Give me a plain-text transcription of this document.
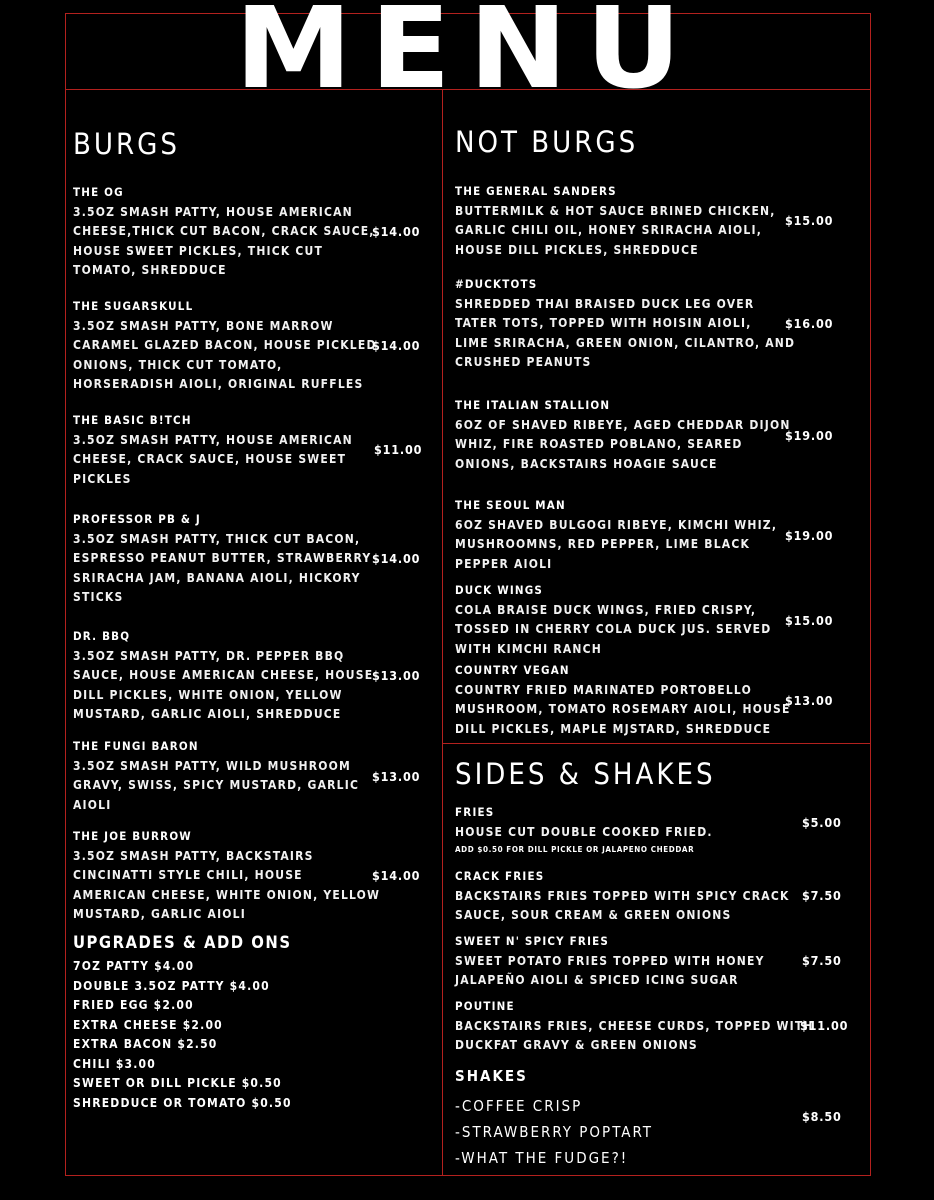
MENU
BURGS	NOT BURGS
SIDES & SHAKES
THE OG
3.5OZ SMASH PATTY, HOUSE AMERICAN
CHEESE,THICK CUT BACON, CRACK SAUCE,
HOUSE SWEET PICKLES, THICK CUT
TOMATO, SHREDDUCE
$14.00
THE SUGARSKULL
3.5OZ SMASH PATTY, BONE MARROW
CARAMEL GLAZED BACON, HOUSE PICKLED
ONIONS, THICK CUT TOMATO,
HORSERADISH AIOLI, ORIGINAL RUFFLES
$14.00
THE BASIC B!TCH
3.5OZ SMASH PATTY, HOUSE AMERICAN
CHEESE, CRACK SAUCE, HOUSE SWEET
PICKLES
$11.00
PROFESSOR PB & J
3.5OZ SMASH PATTY, THICK CUT BACON,
ESPRESSO PEANUT BUTTER, STRAWBERRY
SRIRACHA JAM, BANANA AIOLI, HICKORY
STICKS
$14.00
DR. BBQ
3.5OZ SMASH PATTY, DR. PEPPER BBQ
SAUCE, HOUSE AMERICAN CHEESE, HOUSE
DILL PICKLES, WHITE ONION, YELLOW
MUSTARD, GARLIC AIOLI, SHREDDUCE
$13.00
THE FUNGI BARON
3.5OZ SMASH PATTY, WILD MUSHROOM
GRAVY, SWISS, SPICY MUSTARD, GARLIC
AIOLI
$13.00
THE JOE BURROW
3.5OZ SMASH PATTY, BACKSTAIRS
CINCINATTI STYLE CHILI, HOUSE
AMERICAN CHEESE, WHITE ONION, YELLOW
MUSTARD, GARLIC AIOLI
$14.00
UPGRADES & ADD ONS
7OZ PATTY $4.00
DOUBLE 3.5OZ PATTY $4.00
FRIED EGG $2.00
EXTRA CHEESE $2.00
EXTRA BACON $2.50
CHILI $3.00
SWEET OR DILL PICKLE $0.50
SHREDDUCE OR TOMATO $0.50
THE GENERAL SANDERS
BUTTERMILK & HOT SAUCE BRINED CHICKEN,
GARLIC CHILI OIL, HONEY SRIRACHA AIOLI,
HOUSE DILL PICKLES, SHREDDUCE
$15.00
#DUCKTOTS
SHREDDED THAI BRAISED DUCK LEG OVER
TATER TOTS, TOPPED WITH HOISIN AIOLI,
LIME SRIRACHA, GREEN ONION, CILANTRO, AND
CRUSHED PEANUTS
$16.00
THE ITALIAN STALLION
6OZ OF SHAVED RIBEYE, AGED CHEDDAR DIJON
WHIZ, FIRE ROASTED POBLANO, SEARED
ONIONS, BACKSTAIRS HOAGIE SAUCE
$19.00
THE SEOUL MAN
6OZ SHAVED BULGOGI RIBEYE, KIMCHI WHIZ,
MUSHROOMNS, RED PEPPER, LIME BLACK
PEPPER AIOLI
$19.00
DUCK WINGS
COLA BRAISE DUCK WINGS, FRIED CRISPY,
TOSSED IN CHERRY COLA DUCK JUS. SERVED
WITH KIMCHI RANCH
$15.00
COUNTRY VEGAN
COUNTRY FRIED MARINATED PORTOBELLO
MUSHROOM, TOMATO ROSEMARY AIOLI, HOUSE
DILL PICKLES, MAPLE MJSTARD, SHREDDUCE
$13.00
FRIES
HOUSE CUT DOUBLE COOKED FRIED.
ADD $0.50 FOR DILL PICKLE OR JALAPENO CHEDDAR
$5.00
CRACK FRIES
BACKSTAIRS FRIES TOPPED WITH SPICY CRACK
SAUCE, SOUR CREAM & GREEN ONIONS
$7.50
SWEET N' SPICY FRIES
SWEET POTATO FRIES TOPPED WITH HONEY
JALAPEÑO AIOLI & SPICED ICING SUGAR
$7.50
POUTINE
BACKSTAIRS FRIES, CHEESE CURDS, TOPPED WITH
DUCKFAT GRAVY & GREEN ONIONS
$11.00
SHAKES
-COFFEE CRISP
-STRAWBERRY POPTART
-WHAT THE FUDGE?!
$8.50
